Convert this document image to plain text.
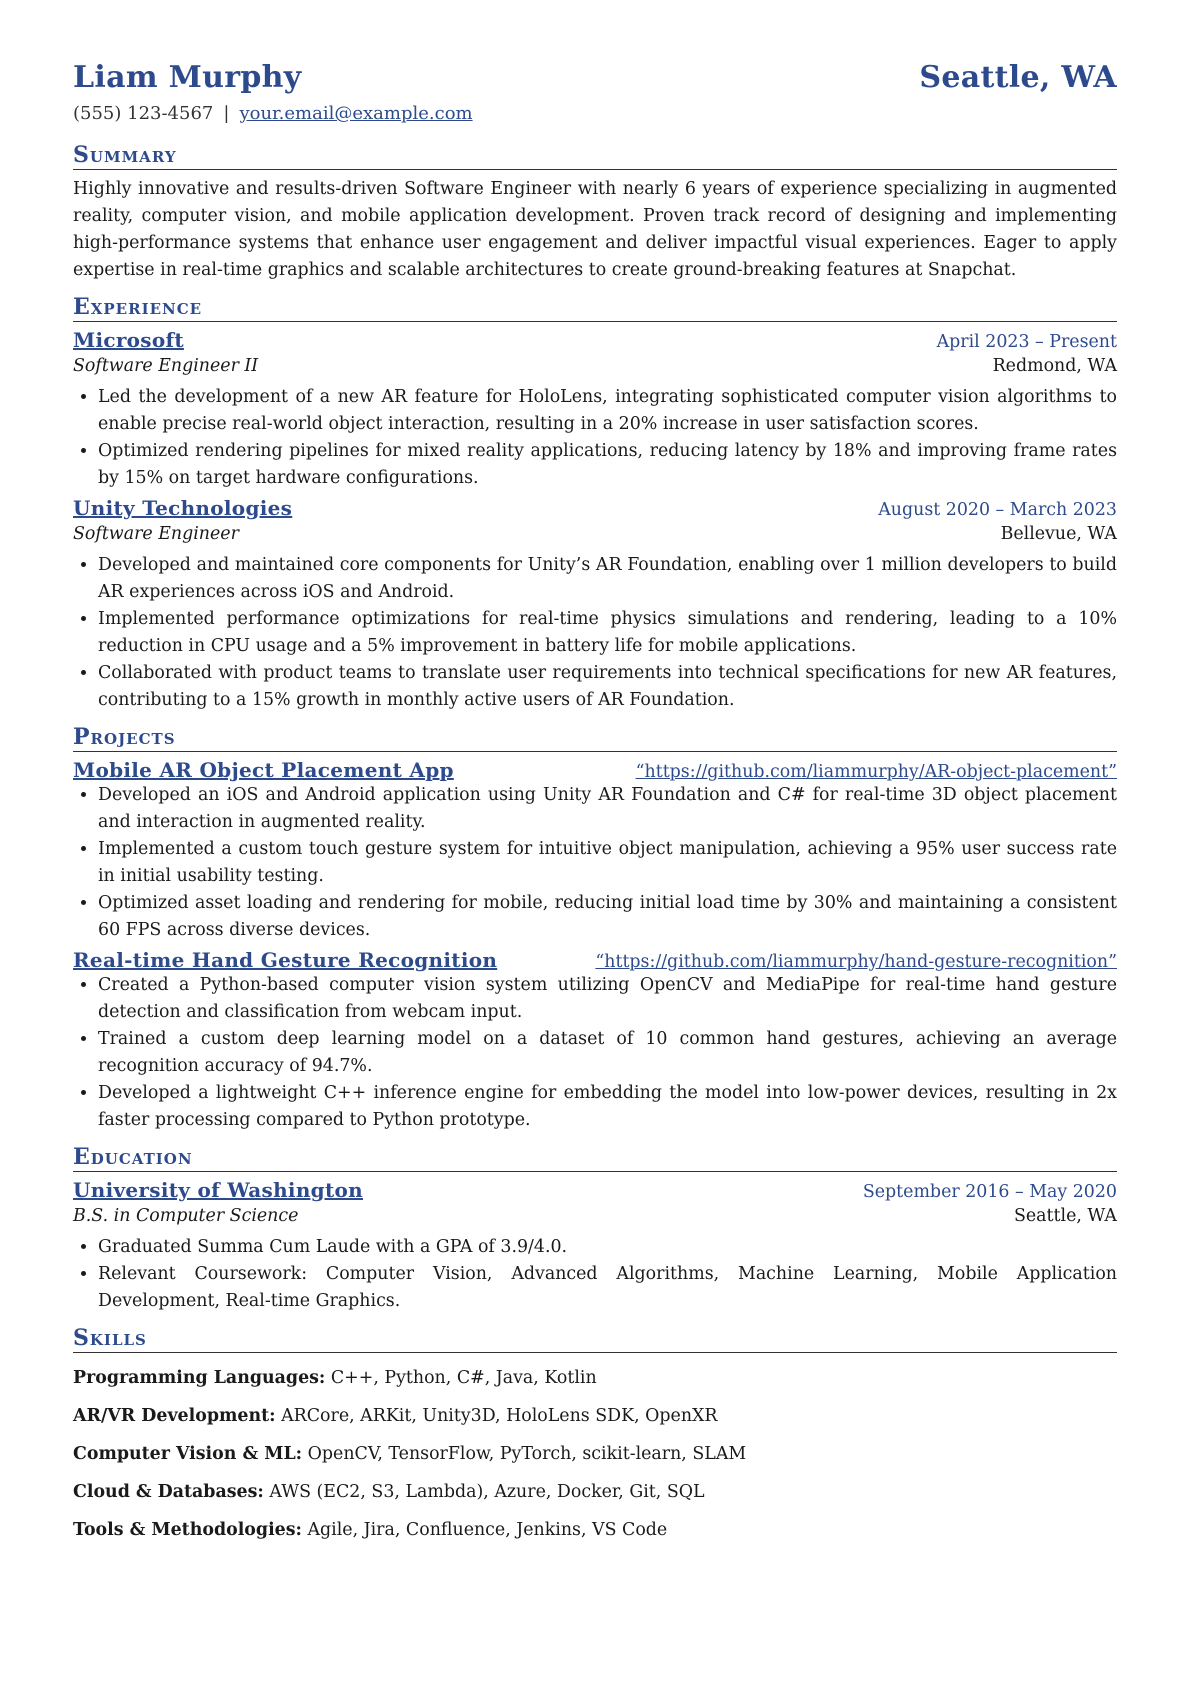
Liam Murphy	Seattle, WA
(555) 123-4567 | your.email@example.com
Summary
Highly innovative and results-driven Software Engineer with nearly 6 years of experience specializing in augmented reality, computer vision, and mobile application development. Proven track record of designing and implementing high-performance systems that enhance user engagement and deliver impactful visual experiences. Eager to apply expertise in real-time graphics and scalable architectures to create ground-breaking features at Snapchat.
Experience
Microsoft	April 2023 – Present
Software Engineer II	Redmond, WA
• Led the development of a new AR feature for HoloLens, integrating sophisticated computer vision algorithms to enable precise real-world object interaction, resulting in a 20% increase in user satisfaction scores.
• Optimized rendering pipelines for mixed reality applications, reducing latency by 18% and improving frame rates by 15% on target hardware configurations.
Unity Technologies	August 2020 – March 2023
Software Engineer	Bellevue, WA
• Developed and maintained core components for Unity’s AR Foundation, enabling over 1 million developers to build AR experiences across iOS and Android.
• Implemented performance optimizations for real-time physics simulations and rendering, leading to a 10% reduction in CPU usage and a 5% improvement in battery life for mobile applications.
• Collaborated with product teams to translate user requirements into technical specifications for new AR features, contributing to a 15% growth in monthly active users of AR Foundation.
Projects
Mobile AR Object Placement App	“https://github.com/liammurphy/AR-object-placement”
• Developed an iOS and Android application using Unity AR Foundation and C# for real-time 3D object placement and interaction in augmented reality.
• Implemented a custom touch gesture system for intuitive object manipulation, achieving a 95% user success rate in initial usability testing.
• Optimized asset loading and rendering for mobile, reducing initial load time by 30% and maintaining a consistent 60 FPS across diverse devices.
Real-time Hand Gesture Recognition	“https://github.com/liammurphy/hand-gesture-recognition”
• Created a Python-based computer vision system utilizing OpenCV and MediaPipe for real-time hand gesture detection and classification from webcam input.
• Trained a custom deep learning model on a dataset of 10 common hand gestures, achieving an average recognition accuracy of 94.7%.
• Developed a lightweight C++ inference engine for embedding the model into low-power devices, resulting in 2x faster processing compared to Python prototype.
Education
University of Washington	September 2016 – May 2020
B.S. in Computer Science	Seattle, WA
• Graduated Summa Cum Laude with a GPA of 3.9/4.0.
• Relevant Coursework: Computer Vision, Advanced Algorithms, Machine Learning, Mobile Application Development, Real-time Graphics.
Skills
Programming Languages: C++, Python, C#, Java, Kotlin
AR/VR Development: ARCore, ARKit, Unity3D, HoloLens SDK, OpenXR
Computer Vision & ML: OpenCV, TensorFlow, PyTorch, scikit-learn, SLAM
Cloud & Databases: AWS (EC2, S3, Lambda), Azure, Docker, Git, SQL
Tools & Methodologies: Agile, Jira, Confluence, Jenkins, VS Code
